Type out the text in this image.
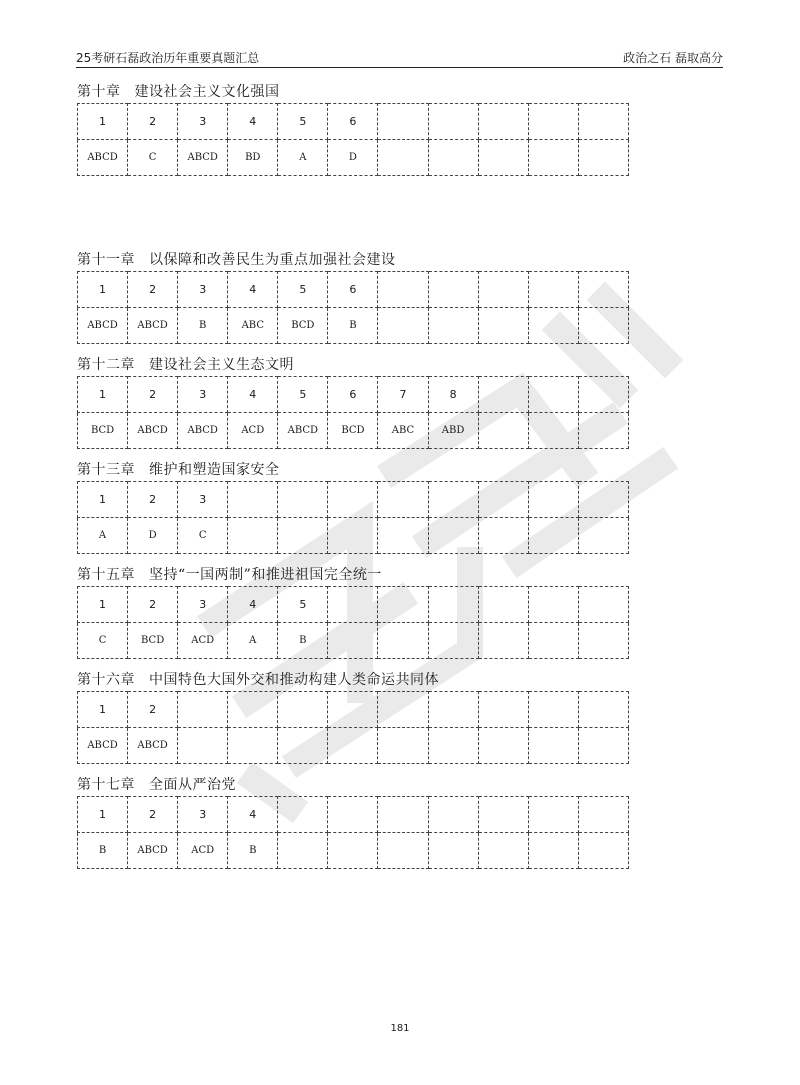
25考研石磊政治历年重要真题汇总	政治之石 磊取高分
第十章 建设社会主义文化强国
1	2	3	4	5	6					
ABCD	C	ABCD	BD	A	D					
第十一章 以保障和改善民生为重点加强社会建设
1	2	3	4	5	6					
ABCD	ABCD	B	ABC	BCD	B					
第十二章 建设社会主义生态文明
1	2	3	4	5	6	7	8			
BCD	ABCD	ABCD	ACD	ABCD	BCD	ABC	ABD			
第十三章 维护和塑造国家安全
1	2	3								
A	D	C								
第十五章 坚持“一国两制”和推进祖国完全统一
1	2	3	4	5						
C	BCD	ACD	A	B						
第十六章 中国特色大国外交和推动构建人类命运共同体
1	2									
ABCD	ABCD									
第十七章 全面从严治党
1	2	3	4							
B	ABCD	ACD	B							
181
